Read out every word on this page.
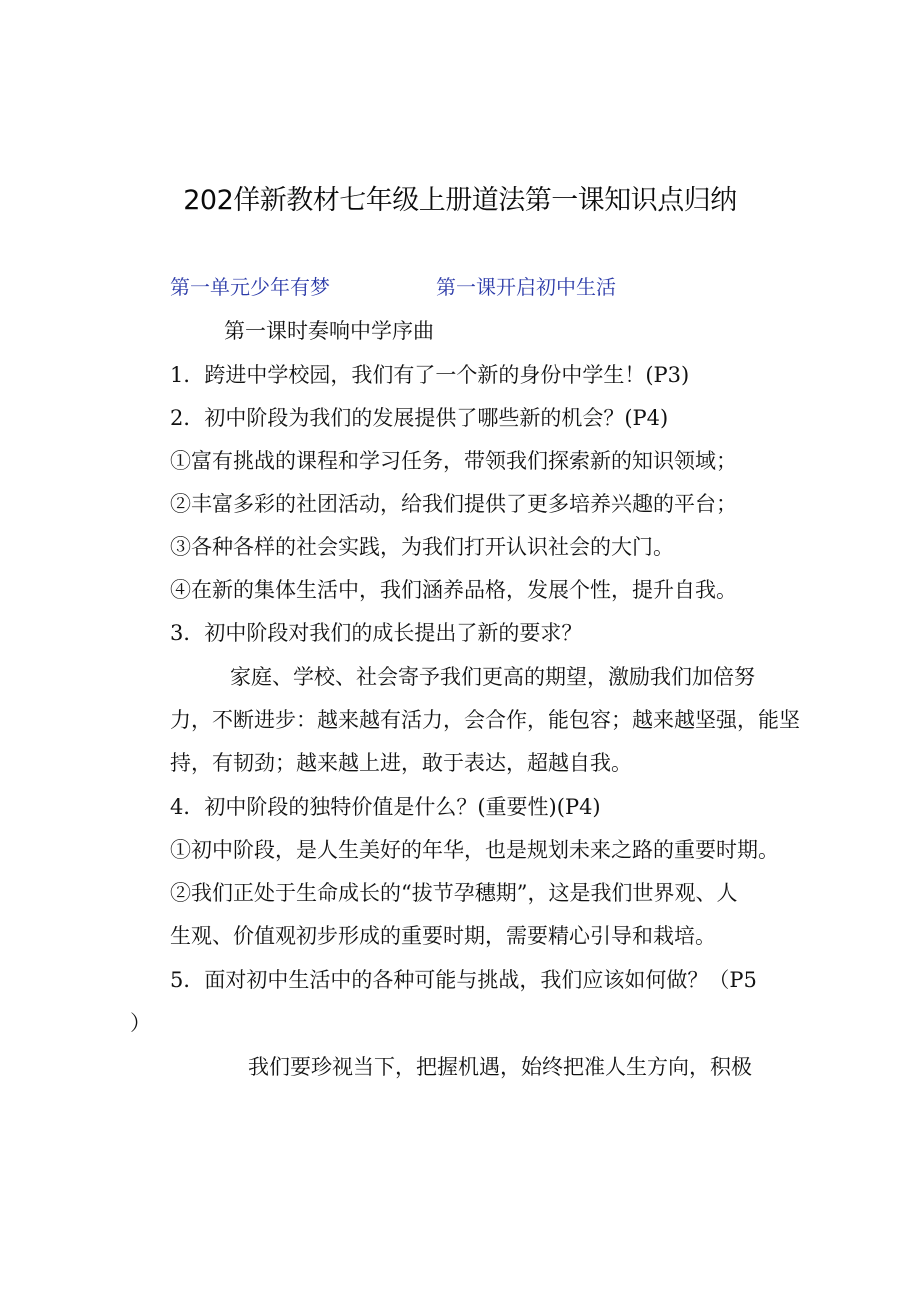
202佯新教材七年级上册道法第一课知识点归纳
第一单元少年有梦	第一课开启初中生活
第一课时奏响中学序曲
1．跨进中学校园，我们有了一个新的身份中学生！(P3)
2．初中阶段为我们的发展提供了哪些新的机会？(P4)
①富有挑战的课程和学习任务，带领我们探索新的知识领域；
②丰富多彩的社团活动，给我们提供了更多培养兴趣的平台；
③各种各样的社会实践，为我们打开认识社会的大门。
④在新的集体生活中，我们涵养品格，发展个性，提升自我。
3．初中阶段对我们的成长提出了新的要求？
家庭、学校、社会寄予我们更高的期望，激励我们加倍努
力，不断进步：越来越有活力，会合作，能包容；越来越坚强，能坚
持，有韧劲；越来越上进，敢于表达，超越自我。
4．初中阶段的独特价值是什么？(重要性)(P4)
①初中阶段，是人生美好的年华，也是规划未来之路的重要时期。
②我们正处于生命成长的“拔节孕穗期”，这是我们世界观、人
生观、价值观初步形成的重要时期，需要精心引导和栽培。
5．面对初中生活中的各种可能与挑战，我们应该如何做？（P5
）
我们要珍视当下，把握机遇，始终把准人生方向，积极
